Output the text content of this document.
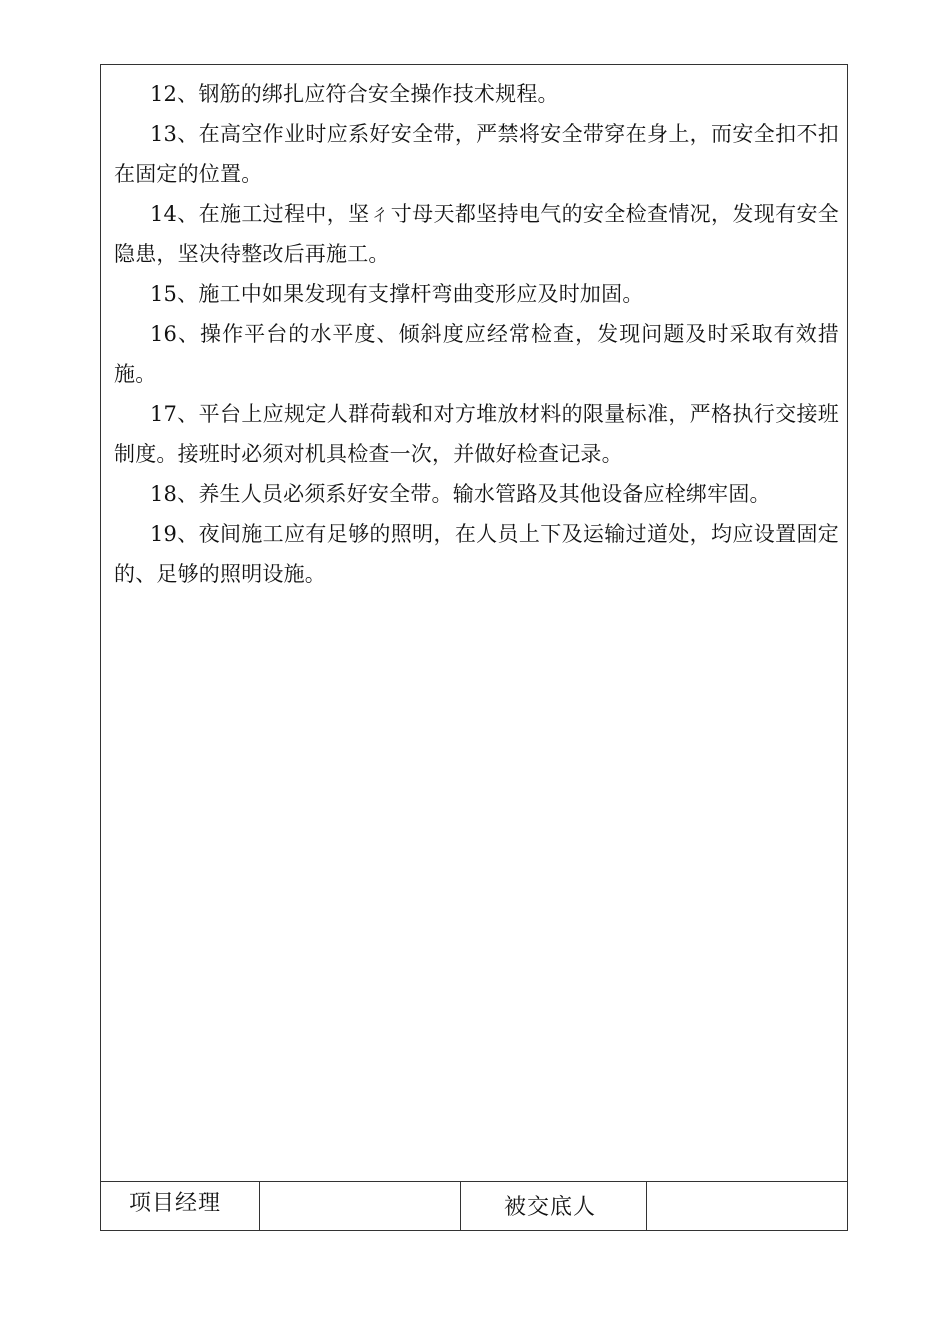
12、钢筋的绑扎应符合安全操作技术规程。

13、在高空作业时应系好安全带，严禁将安全带穿在身上，而安全扣不扣在固定的位置。

14、在施工过程中，坚ㄔ寸母天都坚持电气的安全检查情况，发现有安全隐患，坚决待整改后再施工。

15、施工中如果发现有支撑杆弯曲变形应及时加固。

16、操作平台的水平度、倾斜度应经常检查，发现问题及时采取有效措施。

17、平台上应规定人群荷载和对方堆放材料的限量标准，严格执行交接班制度。接班时必须对机具检查一次，并做好检查记录。

18、养生人员必须系好安全带。输水管路及其他设备应栓绑牢固。

19、夜间施工应有足够的照明，在人员上下及运输过道处，均应设置固定的、足够的照明设施。

项目经理	被交底人
